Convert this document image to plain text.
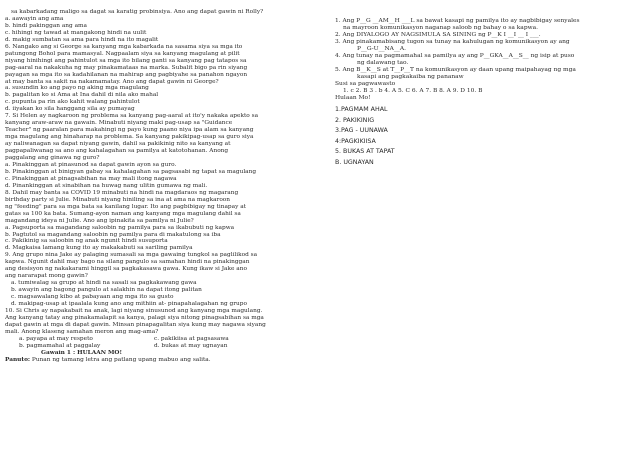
sa kabarkadang maligo sa dagat sa karatig probinsiya. Ano ang dapat gawin ni Rolly?
a. aawayin ang ama
b. hindi pakinggan ang ama
c. hihingi ng tawad at mangakong hindi na uulit
d. makig sumbatan sa ama para hindi na ito magalit
6. Nangako ang si George sa kanyang mga kabarkada na sasama siya sa mga ito
patungong Bohol para mamasyal. Nagpaalam siya sa kanyang magulang at pilit
niyang hinihingi ang pahintulot sa mga ito bilang ganti sa kanyang pag tatapos sa
pag-aaral na nakakuha ng may pinakamataas na marka. Subalit bigo pa rin siyang
payagan sa mga ito sa kadahilanan na mahirap ang pagbiyahe sa panahon ngayon
at may banta sa sakit na nakamamatay. Ano ang dapat gawin ni George?
a. susundin ko ang payo ng aking mga magulang
b. pagalitan ko si Ama at Ina dahil di nila ako mahal
c. pupunta pa rin ako kahit walang pahintulot
d. iiyakan ko sila hanggang sila ay pumayag
7. Si Helen ay nagkaroon ng problema sa kanyang pag-aaral at ito'y nakaka apekto sa
kanyang araw-araw na gawain. Minabuti niyang maki pag-usap sa "Guidance
Teacher" ng paaralan para makahingi ng payo kung paano niya ipa alam sa kanyang
mga magulang ang hinaharap na problema. Sa kanyang pakikipag-usap sa guro siya
ay naliwanagan sa dapat niyang gawin, dahil sa pakikinig nito sa kanyang at
pagpapaliwanag sa ano ang kahalagahan sa pamilya at katotohanan. Anong
paggalang ang ginawa ng guro?
a. Pinakinggan at pinasunod sa dapat gawin ayon sa guro.
b. Pinakinggan at binigyan gabay sa kahalagahan sa pagsasabi ng tapat sa magulang
c. Pinakinggan at pinagsabihan na may mali itong nagawa
d. Pinankinggan at sinabihan na huwag nang ulitin gumawa ng mali.
8. Dahil may banta sa COVID 19 minabuti na hindi na magdaraos ng magarang
birthday party si Julie. Minabuti niyang hiniling sa ina at ama na magkaroon
ng "feeding" para sa mga bata sa kanilang lugar. Ito ang pagbibigay ng tinapay at
gatas sa 100 ka bata. Sumang-ayon naman ang kanyang mga magulang dahil sa
magandang ideya ni Julie. Ano ang ipinakita sa pamilya ni Julie?
a. Pagsuporta sa magandang saloobin ng pamilya para sa ikabubuti ng kapwa
b. Pagtutol sa magandang saloobin ng pamilya para di makatulong sa iba
c. Pakikinig sa saloobin ng anak ngunit hindi susuporta
d. Magkaisa lamang kung ito ay makakabuti sa sariling pamilya
9. Ang grupo nina Jake ay palaging sumasali sa mga gawaing tungkol sa paglilikod sa
kapwa. Ngunit dahil may bago na silang pangulo sa samahan hindi na pinakinggan
ang desisyon ng nakakarami hinggil sa pagkakasawa gawa. Kung ikaw si Jake ano
ang nararapat mong gawin?
a. tumiwalag sa grupo at hindi na sasali sa pagkakawang gawa
b. awayin ang bagong pangulo at salakhin na dapat itong palitan
c. magsawalang kibo at pabayaan ang mga ito sa gusto
d. makipag-usap at ipaalala kung ano ang mithiin at- pinapahalagahan ng grupo
10. Si Chris ay napakabait na anak, lagi niyang sinusunod ang kanyang mga magulang.
Ang kanyang tatay ang pinakamalapit sa kanya, palagi siya nitong pinagsabihan sa mga
dapat gawin at mga di dapat gawin. Minsan pinapagalitan siya kung may nagawa siyang
mali. Anong klaseng samahan meron ang mag-ama?
a. payapa at may respeto	c. pakikiisa at pagsasawa
b. pagmamahal at paggalay	d. bukas at may ugnayan
Gawain 1 : HULAAN MO!
Panuto: Punan ng tamang letra ang patlang upang mabuo ang salita.
1. Ang P__G __AM__H ___L sa bawat kasapi ng pamilya ito ay nagbibigay senyales
na mayroon komunikasyon naganap saloob ng bahay o sa kapwa.
2. Ang DIYALOGO AY NAGSIMULA SA SINING ng P__K I __I __ I ___.
3. Ang pinakamabisang tugon sa tunay na kahulugan ng komunikasyon ay ang
P__G-U__NA__A.
4. Ang tunay na pagmamahal sa pamilya ay ang P__GKA__A__S__ ng isip at puso
ng dalawang tao.
5. Ang B__K__S at T__P__T na komunikasyon ay daan upang maipahayag ng mga
kasapi ang pagkakaiba ng pananaw
Susi sa pagwawasto
1. c 2. B 3 . b 4. A 5. C 6. A 7. B 8. A 9. D 10. B
Hulaan Mo!
1.PAGMAM AHAL
2. PAKIKINIG
3.PAG - UUNAWA
4:PAGKIKIISA
5. BUKAS AT TAPAT
B. UGNAYAN
